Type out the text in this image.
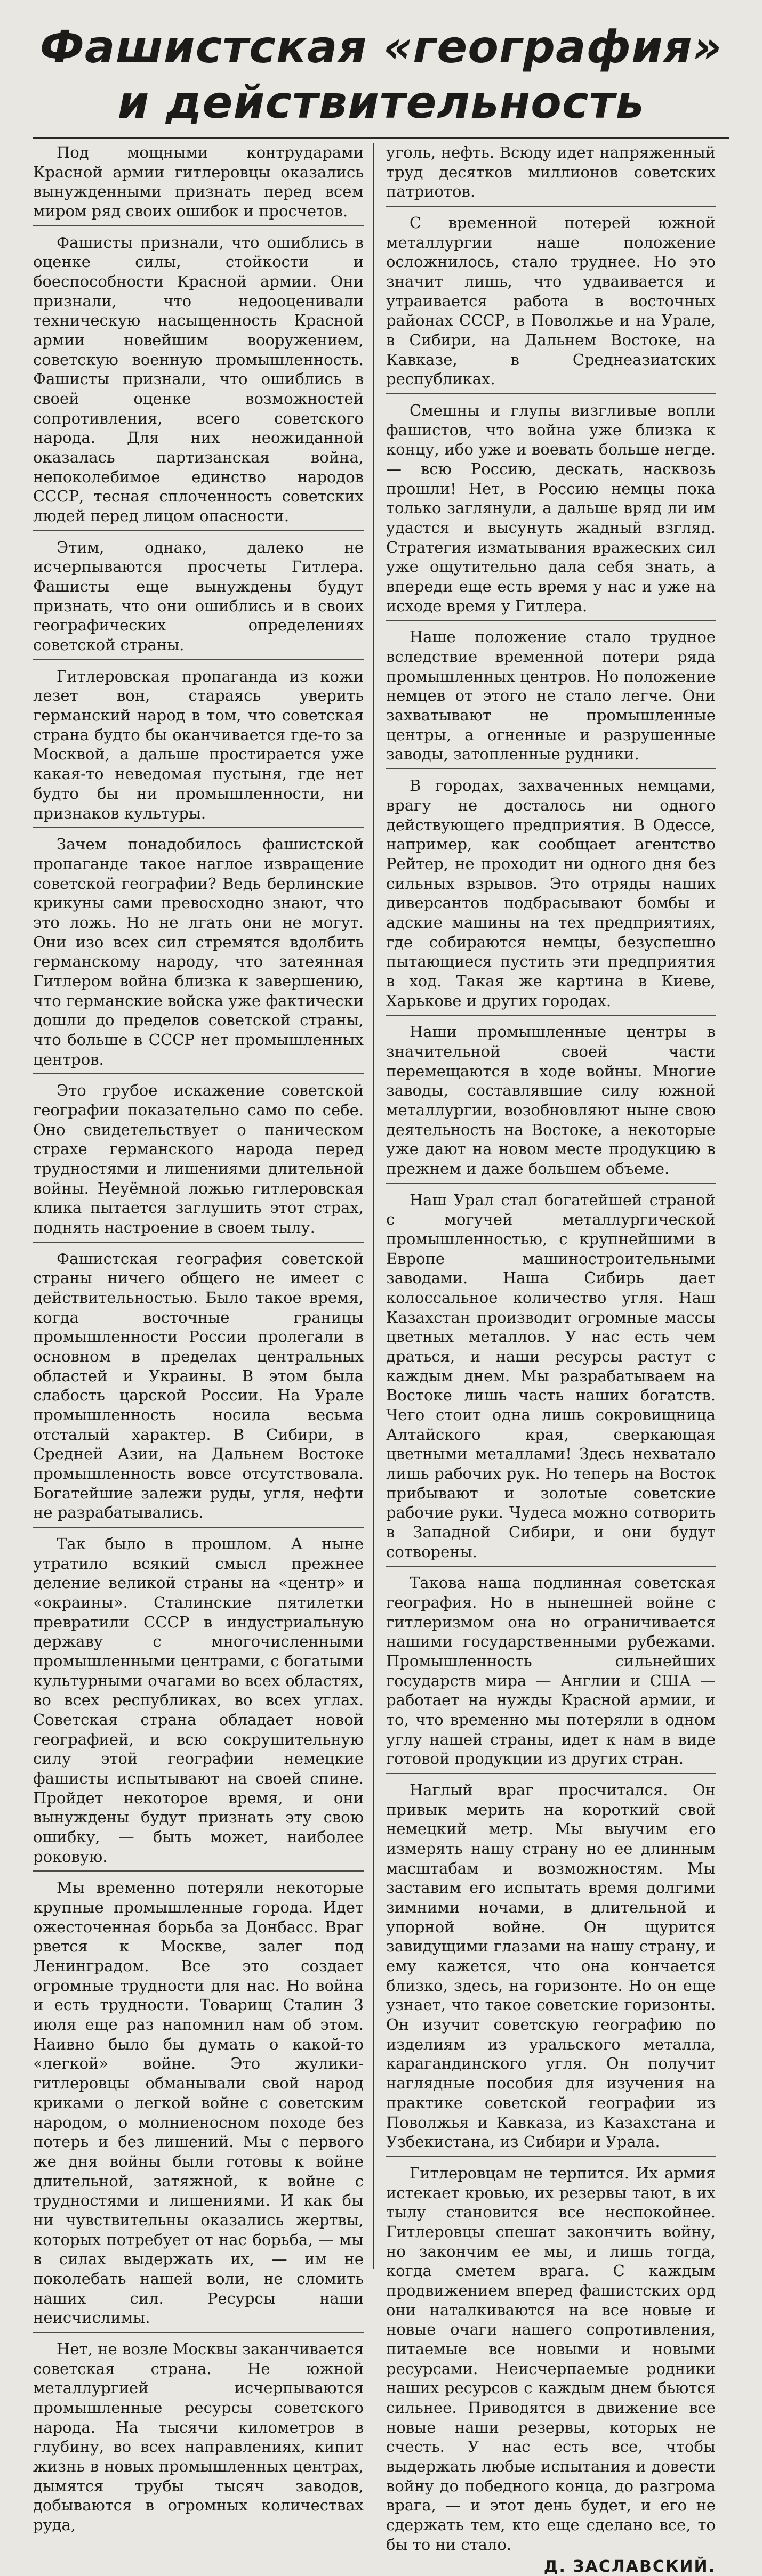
Фашистская «география»
и действительность

Под мощными контрударами Красной армии гитлеровцы оказались вынужденными признать перед всем миром ряд своих ошибок и просчетов.

Фашисты признали, что ошиблись в оценке силы, стойкости и боеспособности Красной армии. Они признали, что недооценивали техническую насыщенность Красной армии новейшим вооружением, советскую военную промышленность. Фашисты признали, что ошиблись в своей оценке возможностей сопротивления, всего советского народа. Для них неожиданной оказалась партизанская война, непоколебимое единство народов СССР, тесная сплоченность советских людей перед лицом опасности.

Этим, однако, далеко не исчерпываются просчеты Гитлера. Фашисты еще вынуждены будут признать, что они ошиблись и в своих географических определениях советской страны.

Гитлеровская пропаганда из кожи лезет вон, стараясь уверить германский народ в том, что советская страна будто бы оканчивается где-то за Москвой, а дальше простирается уже какая-то неведомая пустыня, где нет будто бы ни промышленности, ни признаков культуры.

Зачем понадобилось фашистской пропаганде такое наглое извращение советской географии? Ведь берлинские крикуны сами превосходно знают, что это ложь. Но не лгать они не могут. Они изо всех сил стремятся вдолбить германскому народу, что затеянная Гитлером война близка к завершению, что германские войска уже фактически дошли до пределов советской страны, что больше в СССР нет промышленных центров.

Это грубое искажение советской географии показательно само по себе. Оно свидетельствует о паническом страхе германского народа перед трудностями и лишениями длительной войны. Неуёмной ложью гитлеровская клика пытается заглушить этот страх, поднять настроение в своем тылу.

Фашистская география советской страны ничего общего не имеет с действительностью. Было такое время, когда восточные границы промышленности России пролегали в основном в пределах центральных областей и Украины. В этом была слабость царской России. На Урале промышленность носила весьма отсталый характер. В Сибири, в Средней Азии, на Дальнем Востоке промышленность вовсе отсутствовала. Богатейшие залежи руды, угля, нефти не разрабатывались.

Так было в прошлом. А ныне утратило всякий смысл прежнее деление великой страны на «центр» и «окраины». Сталинские пятилетки превратили СССР в индустриальную державу с многочисленными промышленными центрами, с богатыми культурными очагами во всех областях, во всех республиках, во всех углах. Советская страна обладает новой географией, и всю сокрушительную силу этой географии немецкие фашисты испытывают на своей спине. Пройдет некоторое время, и они вынуждены будут признать эту свою ошибку, — быть может, наиболее роковую.

Мы временно потеряли некоторые крупные промышленные города. Идет ожесточенная борьба за Донбасс. Враг рвется к Москве, залег под Ленинградом. Все это создает огромные трудности для нас. Но война и есть трудности. Товарищ Сталин 3 июля еще раз напомнил нам об этом. Наивно было бы думать о какой-то «легкой» войне. Это жулики-гитлеровцы обманывали свой народ криками о легкой войне с советским народом, о молниеносном походе без потерь и без лишений. Мы с первого же дня войны были готовы к войне длительной, затяжной, к войне с трудностями и лишениями. И как бы ни чувствительны оказались жертвы, которых потребует от нас борьба, — мы в силах выдержать их, — им не поколебать нашей воли, не сломить наших сил. Ресурсы наши неисчислимы.

Нет, не возле Москвы заканчивается советская страна. Не южной металлургией исчерпываются промышленные ресурсы советского народа. На тысячи километров в глубину, во всех направлениях, кипит жизнь в новых промышленных центрах, дымятся трубы тысяч заводов, добываются в огромных количествах руда,

уголь, нефть. Всюду идет напряженный труд десятков миллионов советских патриотов.

С временной потерей южной металлургии наше положение осложнилось, стало труднее. Но это значит лишь, что удваивается и утраивается работа в восточных районах СССР, в Поволжье и на Урале, в Сибири, на Дальнем Востоке, на Кавказе, в Среднеазиатских республиках.

Смешны и глупы визгливые вопли фашистов, что война уже близка к концу, ибо уже и воевать больше негде. — всю Россию, дескать, насквозь прошли! Нет, в Россию немцы пока только заглянули, а дальше вряд ли им удастся и высунуть жадный взгляд. Стратегия изматывания вражеских сил уже ощутительно дала себя знать, а впереди еще есть время у нас и уже на исходе время у Гитлера.

Наше положение стало трудное вследствие временной потери ряда промышленных центров. Но положение немцев от этого не стало легче. Они захватывают не промышленные центры, а огненные и разрушенные заводы, затопленные рудники.

В городах, захваченных немцами, врагу не досталось ни одного действующего предприятия. В Одессе, например, как сообщает агентство Рейтер, не проходит ни одного дня без сильных взрывов. Это отряды наших диверсантов подбрасывают бомбы и адские машины на тех предприятиях, где собираются немцы, безуспешно пытающиеся пустить эти предприятия в ход. Такая же картина в Киеве, Харькове и других городах.

Наши промышленные центры в значительной своей части перемещаются в ходе войны. Многие заводы, составлявшие силу южной металлургии, возобновляют ныне свою деятельность на Востоке, а некоторые уже дают на новом месте продукцию в прежнем и даже большем объеме.

Наш Урал стал богатейшей страной с могучей металлургической промышленностью, с крупнейшими в Европе машиностроительными заводами. Наша Сибирь дает колоссальное количество угля. Наш Казахстан производит огромные массы цветных металлов. У нас есть чем драться, и наши ресурсы растут с каждым днем. Мы разрабатываем на Востоке лишь часть наших богатств. Чего стоит одна лишь сокровищница Алтайского края, сверкающая цветными металлами! Здесь нехватало лишь рабочих рук. Но теперь на Восток прибывают и золотые советские рабочие руки. Чудеса можно сотворить в Западной Сибири, и они будут сотворены.

Такова наша подлинная советская география. Но в нынешней войне с гитлеризмом она но ограничивается нашими государственными рубежами. Промышленность сильнейших государств мира — Англии и США — работает на нужды Красной армии, и то, что временно мы потеряли в одном углу нашей страны, идет к нам в виде готовой продукции из других стран.

Наглый враг просчитался. Он привык мерить на короткий свой немецкий метр. Мы выучим его измерять нашу страну но ее длинным масштабам и возможностям. Мы заставим его испытать время долгими зимними ночами, в длительной и упорной войне. Он щурится завидущими глазами на нашу страну, и ему кажется, что она кончается близко, здесь, на горизонте. Но он еще узнает, что такое советские горизонты. Он изучит советскую географию по изделиям из уральского металла, карагандинского угля. Он получит наглядные пособия для изучения на практике советской географии из Поволжья и Кавказа, из Казахстана и Узбекистана, из Сибири и Урала.

Гитлеровцам не терпится. Их армия истекает кровью, их резервы тают, в их тылу становится все неспокойнее. Гитлеровцы спешат закончить войну, но закончим ее мы, и лишь тогда, когда сметем врага. С каждым продвижением вперед фашистских орд они наталкиваются на все новые и новые очаги нашего сопротивления, питаемые все новыми и новыми ресурсами. Неисчерпаемые родники наших ресурсов с каждым днем бьются сильнее. Приводятся в движение все новые наши резервы, которых не счесть. У нас есть все, чтобы выдержать любые испытания и довести войну до победного конца, до разгрома врага, — и этот день будет, и его не сдержать тем, кто еще сделано все, то бы то ни стало.

Д. ЗАСЛАВСКИЙ.
